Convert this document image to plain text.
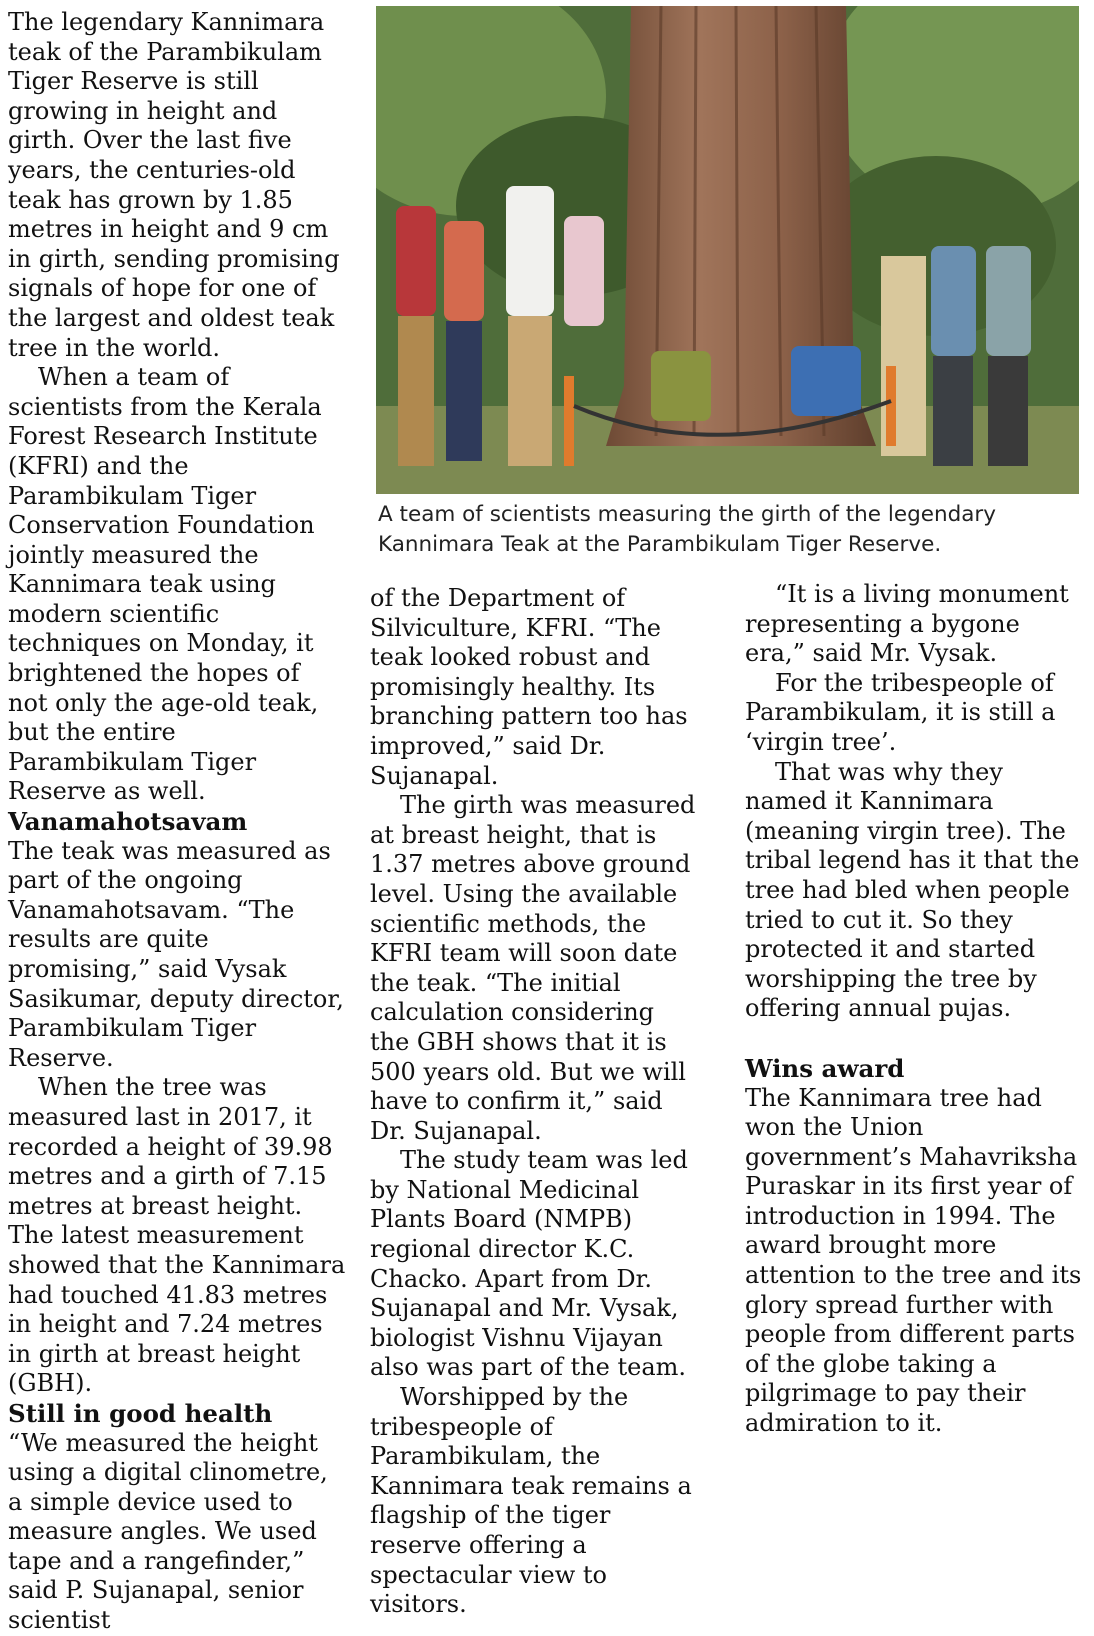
The legendary Kannimara teak of the Parambikulam Tiger Reserve is still growing in height and girth. Over the last five years, the centuries-old teak has grown by 1.85 metres in height and 9 cm in girth, sending promising signals of hope for one of the largest and oldest teak tree in the world.

When a team of scientists from the Kerala Forest Research Institute (KFRI) and the Parambikulam Tiger Conservation Foundation jointly measured the Kannimara teak using modern scientific techniques on Monday, it brightened the hopes of not only the age-old teak, but the entire Parambikulam Tiger Reserve as well.

Vanamahotsavam

The teak was measured as part of the ongoing Vanamahotsavam. “The results are quite promising,” said Vysak Sasikumar, deputy director, Parambikulam Tiger Reserve.

When the tree was measured last in 2017, it recorded a height of 39.98 metres and a girth of 7.15 metres at breast height. The latest measurement showed that the Kannimara had touched 41.83 metres in height and 7.24 metres in girth at breast height (GBH).

Still in good health

“We measured the height using a digital clinometre, a simple device used to measure angles. We used tape and a rangefinder,” said P. Sujanapal, senior scientist

A team of scientists measuring the girth of the legendary Kannimara Teak at the Parambikulam Tiger Reserve.

of the Department of Silviculture, KFRI. “The teak looked robust and promisingly healthy. Its branching pattern too has improved,” said Dr. Sujanapal.

The girth was measured at breast height, that is 1.37 metres above ground level. Using the available scientific methods, the KFRI team will soon date the teak. “The initial calculation considering the GBH shows that it is 500 years old. But we will have to confirm it,” said Dr. Sujanapal.

The study team was led by National Medicinal Plants Board (NMPB) regional director K.C. Chacko. Apart from Dr. Sujanapal and Mr. Vysak, biologist Vishnu Vijayan also was part of the team.

Worshipped by the tribespeople of Parambikulam, the Kannimara teak remains a flagship of the tiger reserve offering a spectacular view to visitors.

“It is a living monument representing a bygone era,” said Mr. Vysak.

For the tribespeople of Parambikulam, it is still a ‘virgin tree’.

That was why they named it Kannimara (meaning virgin tree). The tribal legend has it that the tree had bled when people tried to cut it. So they protected it and started worshipping the tree by offering annual pujas.

Wins award

The Kannimara tree had won the Union government’s Mahavriksha Puraskar in its first year of introduction in 1994. The award brought more attention to the tree and its glory spread further with people from different parts of the globe taking a pilgrimage to pay their admiration to it.
